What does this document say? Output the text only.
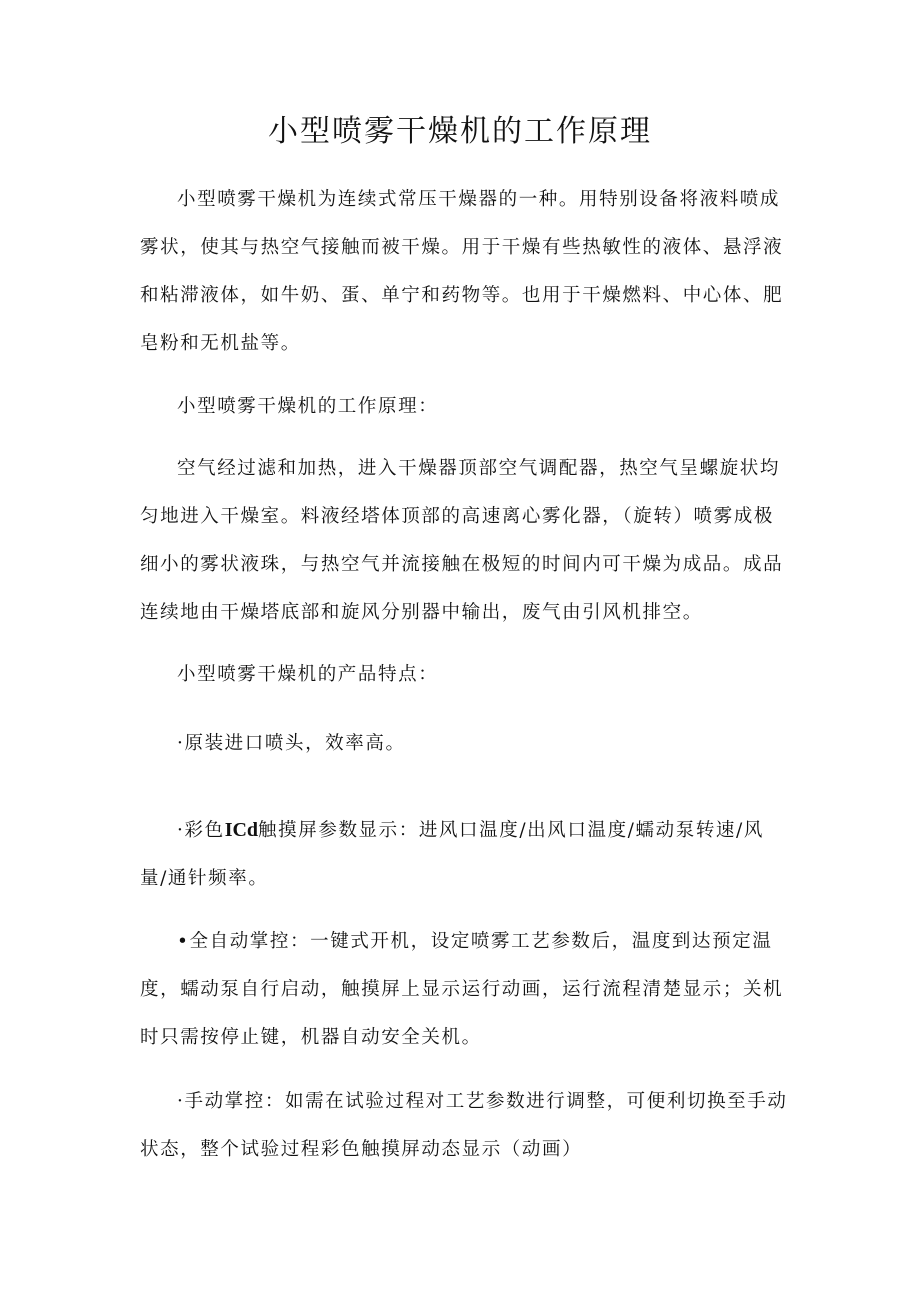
小型喷雾干燥机的工作原理

小型喷雾干燥机为连续式常压干燥器的一种。用特别设备将液料喷成雾状，使其与热空气接触而被干燥。用于干燥有些热敏性的液体、悬浮液和粘滞液体，如牛奶、蛋、单宁和药物等。也用于干燥燃料、中心体、肥皂粉和无机盐等。

小型喷雾干燥机的工作原理：

空气经过滤和加热，进入干燥器顶部空气调配器，热空气呈螺旋状均匀地进入干燥室。料液经塔体顶部的高速离心雾化器，（旋转）喷雾成极细小的雾状液珠，与热空气并流接触在极短的时间内可干燥为成品。成品连续地由干燥塔底部和旋风分别器中输出，废气由引风机排空。

小型喷雾干燥机的产品特点：

·原装进口喷头，效率高。

·彩色ICd触摸屏参数显示：进风口温度/出风口温度/蠕动泵转速/风量/通针频率。

•全自动掌控：一键式开机，设定喷雾工艺参数后，温度到达预定温度，蠕动泵自行启动，触摸屏上显示运行动画，运行流程清楚显示；关机时只需按停止键，机器自动安全关机。

·手动掌控：如需在试验过程对工艺参数进行调整，可便利切换至手动状态，整个试验过程彩色触摸屏动态显示（动画）
